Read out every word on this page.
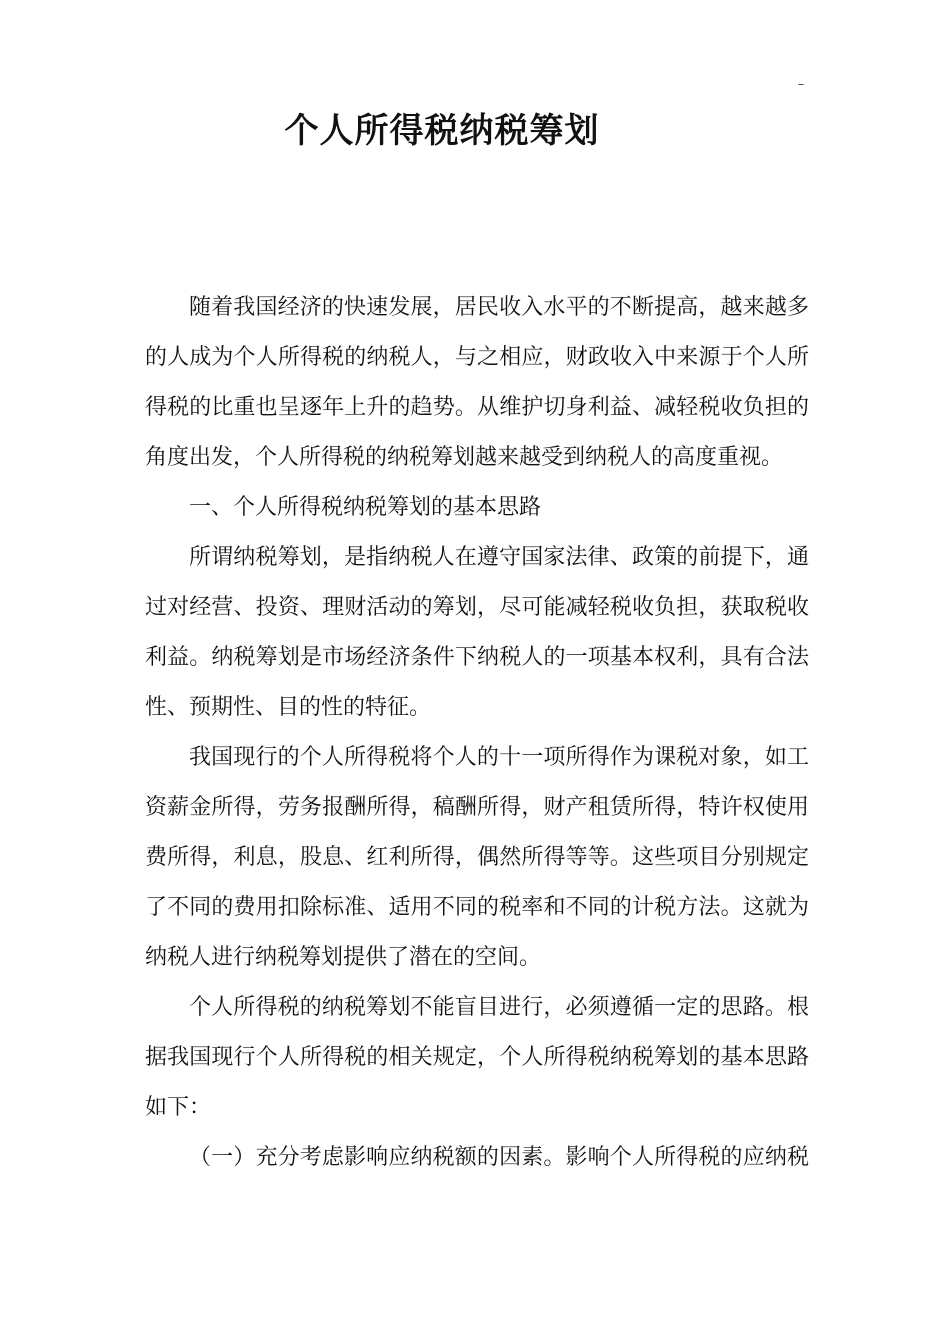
–
个人所得税纳税筹划
随着我国经济的快速发展，居民收入水平的不断提高，越来越多
的人成为个人所得税的纳税人，与之相应，财政收入中来源于个人所
得税的比重也呈逐年上升的趋势。从维护切身利益、减轻税收负担的
角度出发，个人所得税的纳税筹划越来越受到纳税人的高度重视。
一、个人所得税纳税筹划的基本思路
所谓纳税筹划，是指纳税人在遵守国家法律、政策的前提下，通
过对经营、投资、理财活动的筹划，尽可能减轻税收负担，获取税收
利益。纳税筹划是市场经济条件下纳税人的一项基本权利，具有合法
性、预期性、目的性的特征。
我国现行的个人所得税将个人的十一项所得作为课税对象，如工
资薪金所得，劳务报酬所得，稿酬所得，财产租赁所得，特许权使用
费所得，利息，股息、红利所得，偶然所得等等。这些项目分别规定
了不同的费用扣除标准、适用不同的税率和不同的计税方法。这就为
纳税人进行纳税筹划提供了潜在的空间。
个人所得税的纳税筹划不能盲目进行，必须遵循一定的思路。根
据我国现行个人所得税的相关规定，个人所得税纳税筹划的基本思路
如下：
（一）充分考虑影响应纳税额的因素。影响个人所得税的应纳税
